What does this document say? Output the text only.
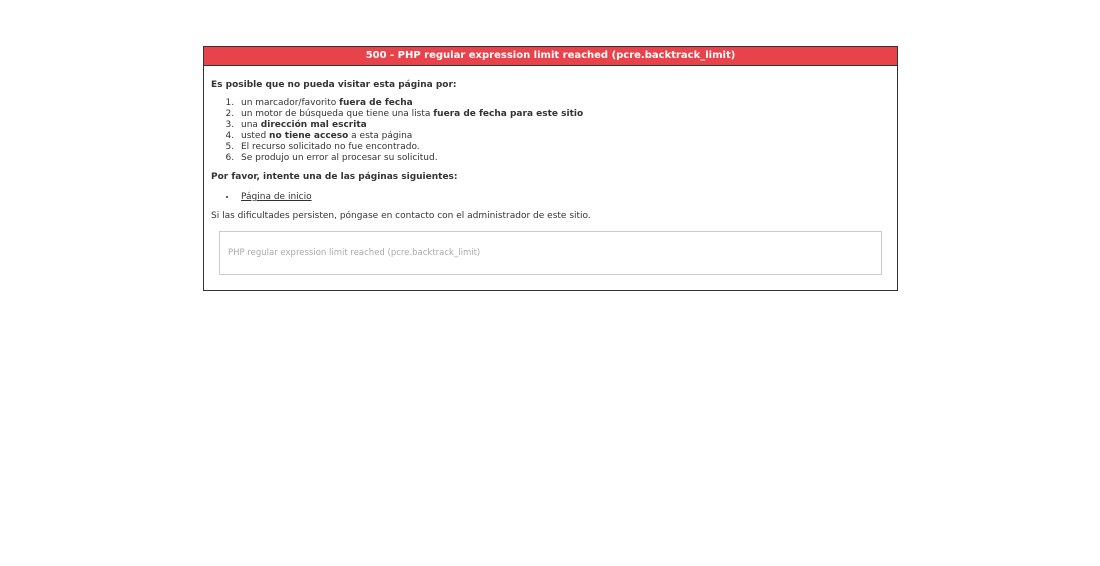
500 - PHP regular expression limit reached (pcre.backtrack_limit)

Es posible que no pueda visitar esta página por:

1. un marcador/favorito fuera de fecha
2. un motor de búsqueda que tiene una lista fuera de fecha para este sitio
3. una dirección mal escrita
4. usted no tiene acceso a esta página
5. El recurso solicitado no fue encontrado.
6. Se produjo un error al procesar su solicitud.

Por favor, intente una de las páginas siguientes:

• Página de inicio

Si las dificultades persisten, póngase en contacto con el administrador de este sitio.

PHP regular expression limit reached (pcre.backtrack_limit)
